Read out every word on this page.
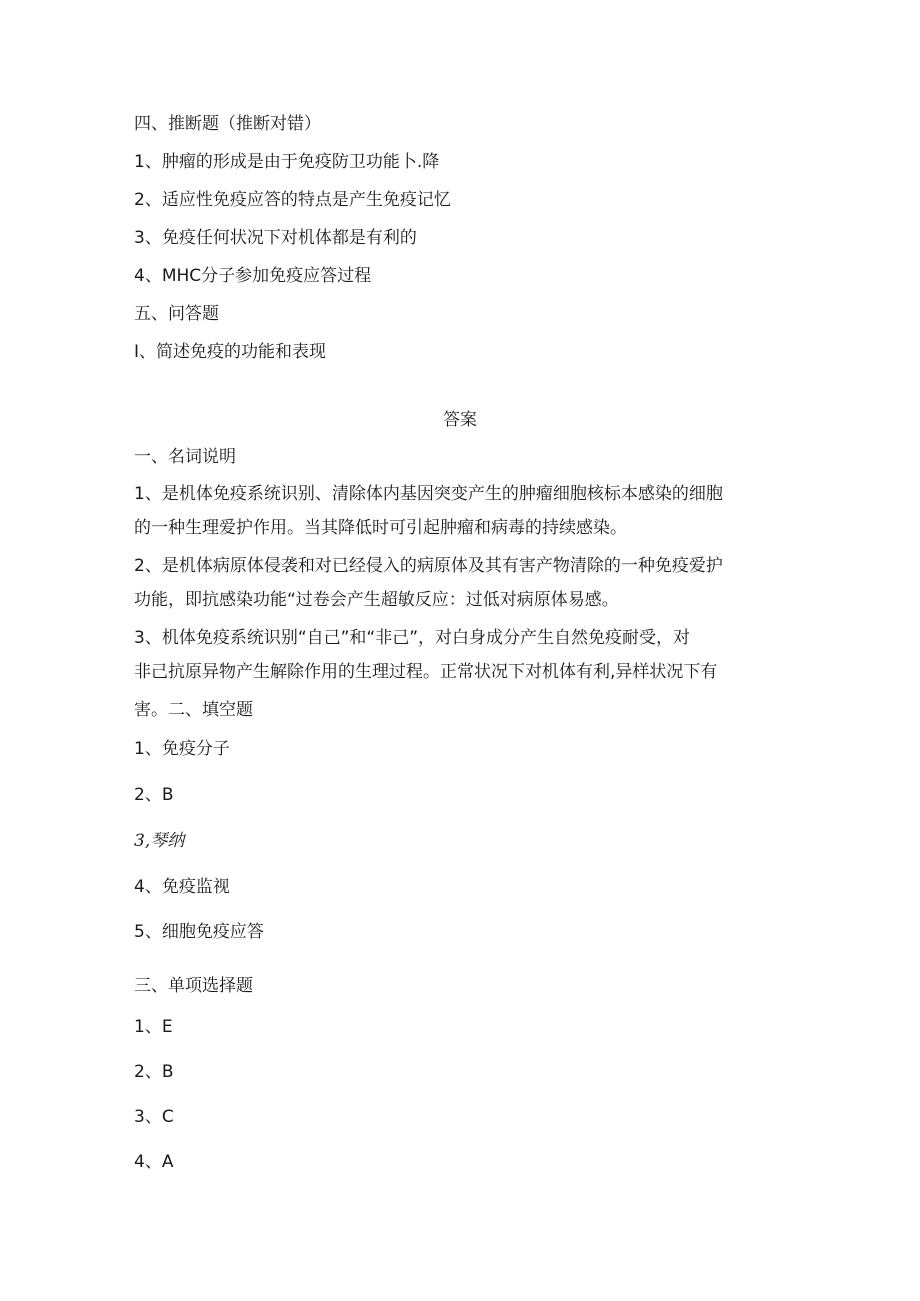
四、推断题（推断对错）
1、肿瘤的形成是由于免疫防卫功能卜.降
2、适应性免疫应答的特点是产生免疫记忆
3、免疫任何状况下对机体都是有利的
4、MHC分子参加免疫应答过程
五、问答题
I、简述免疫的功能和表现
答案
一、名词说明
1、是机体免疫系统识别、清除体内基因突变产生的肿瘤细胞核标本感染的细胞
的一种生理爱护作用。当其降低时可引起肿瘤和病毒的持续感染。
2、是机体病原体侵袭和对已经侵入的病原体及其有害产物清除的一种免疫爱护
功能，即抗感染功能“过卷会产生超敏反应：过低对病原体易感。
3、机体免疫系统识别“自己”和“非己”，对白身成分产生自然免疫耐受，对
非己抗原异物产生解除作用的生理过程。正常状况下对机体有利,异样状况下有
害。二、填空题
1、免疫分子
2、B
3,琴纳
4、免疫监视
5、细胞免疫应答
三、单项选择题
1、E
2、B
3、C
4、A
